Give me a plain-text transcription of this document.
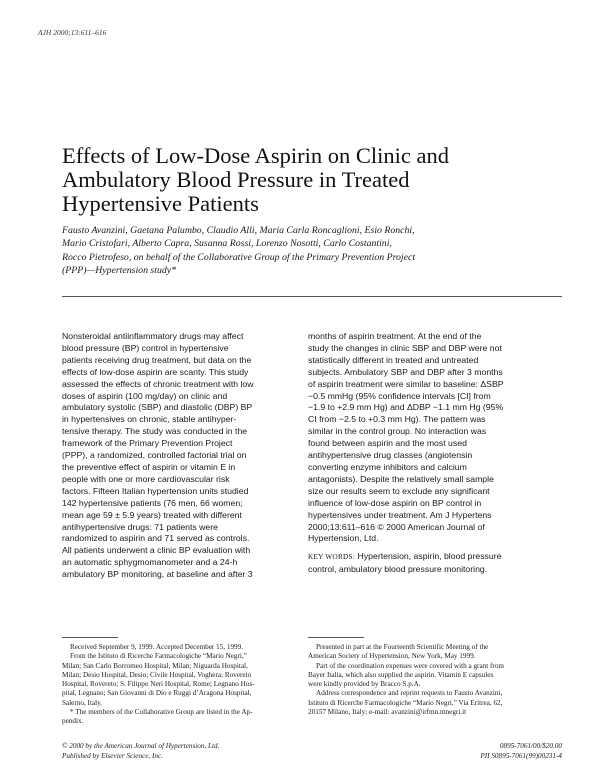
AJH 2000;13:611–616
Effects of Low-Dose Aspirin on Clinic and
Ambulatory Blood Pressure in Treated
Hypertensive Patients
Fausto Avanzini, Gaetana Palumbo, Claudio Alli, Maria Carla Roncaglioni, Esio Ronchi,
Mario Cristofari, Alberto Capra, Susanna Rossi, Lorenzo Nosotti, Carlo Costantini,
Rocco Pietrofeso, on behalf of the Collaborative Group of the Primary Prevention Project
(PPP)—Hypertension study*
Nonsteroidal antiinflammatory drugs may affect
blood pressure (BP) control in hypertensive
patients receiving drug treatment, but data on the
effects of low-dose aspirin are scanty. This study
assessed the effects of chronic treatment with low
doses of aspirin (100 mg/day) on clinic and
ambulatory systolic (SBP) and diastolic (DBP) BP
in hypertensives on chronic, stable antihyper-
tensive therapy. The study was conducted in the
framework of the Primary Prevention Project
(PPP), a randomized, controlled factorial trial on
the preventive effect of aspirin or vitamin E in
people with one or more cardiovascular risk
factors. Fifteen Italian hypertension units studied
142 hypertensive patients (76 men, 66 women;
mean age 59 ± 5.9 years) treated with different
antihypertensive drugs: 71 patients were
randomized to aspirin and 71 served as controls.
All patients underwent a clinic BP evaluation with
an automatic sphygmomanometer and a 24-h
ambulatory BP monitoring, at baseline and after 3
months of aspirin treatment. At the end of the
study the changes in clinic SBP and DBP were not
statistically different in treated and untreated
subjects. Ambulatory SBP and DBP after 3 months
of aspirin treatment were similar to baseline: ΔSBP
−0.5 mmHg (95% confidence intervals [CI] from
−1.9 to +2.9 mm Hg) and ΔDBP −1.1 mm Hg (95%
CI from −2.5 to +0.3 mm Hg). The pattern was
similar in the control group. No interaction was
found between aspirin and the most used
antihypertensive drug classes (angiotensin
converting enzyme inhibitors and calcium
antagonists). Despite the relatively small sample
size our results seem to exclude any significant
influence of low-dose aspirin on BP control in
hypertensives under treatment. Am J Hypertens
2000;13:611–616 © 2000 American Journal of
Hypertension, Ltd.
KEY WORDS: Hypertension, aspirin, blood pressure
control, ambulatory blood pressure monitoring.
Received September 9, 1999. Accepted December 15, 1999.
From the Istituto di Ricerche Farmacologiche “Mario Negri,”
Milan; San Carlo Borromeo Hospital, Milan; Niguarda Hospital,
Milan; Desio Hospital, Desio; Civile Hospital, Voghera; Rovereto
Hospital, Rovereto; S. Filippo Neri Hospital, Rome; Legnano Hos-
pital, Legnano; San Giovanni di Dio e Ruggi d’Aragona Hospital,
Salerno, Italy.
* The members of the Collaborative Group are listed in the Ap-
pendix.
Presented in part at the Fourteenth Scientific Meeting of the
American Society of Hypertension, New York, May 1999.
Part of the coordination expenses were covered with a grant from
Bayer Italia, which also supplied the aspirin. Vitamin E capsules
were kindly provided by Bracco S.p.A.
Address correspondence and reprint requests to Fausto Avanzini,
Istituto di Ricerche Farmacologiche “Mario Negri,” Via Eritrea, 62,
20157 Milano, Italy; e-mail: avanzini@irfmn.mnegri.it
© 2000 by the American Journal of Hypertension, Ltd.
Published by Elsevier Science, Inc.
0895-7061/00/$20.00
PII S0895-7061(99)00231-4
